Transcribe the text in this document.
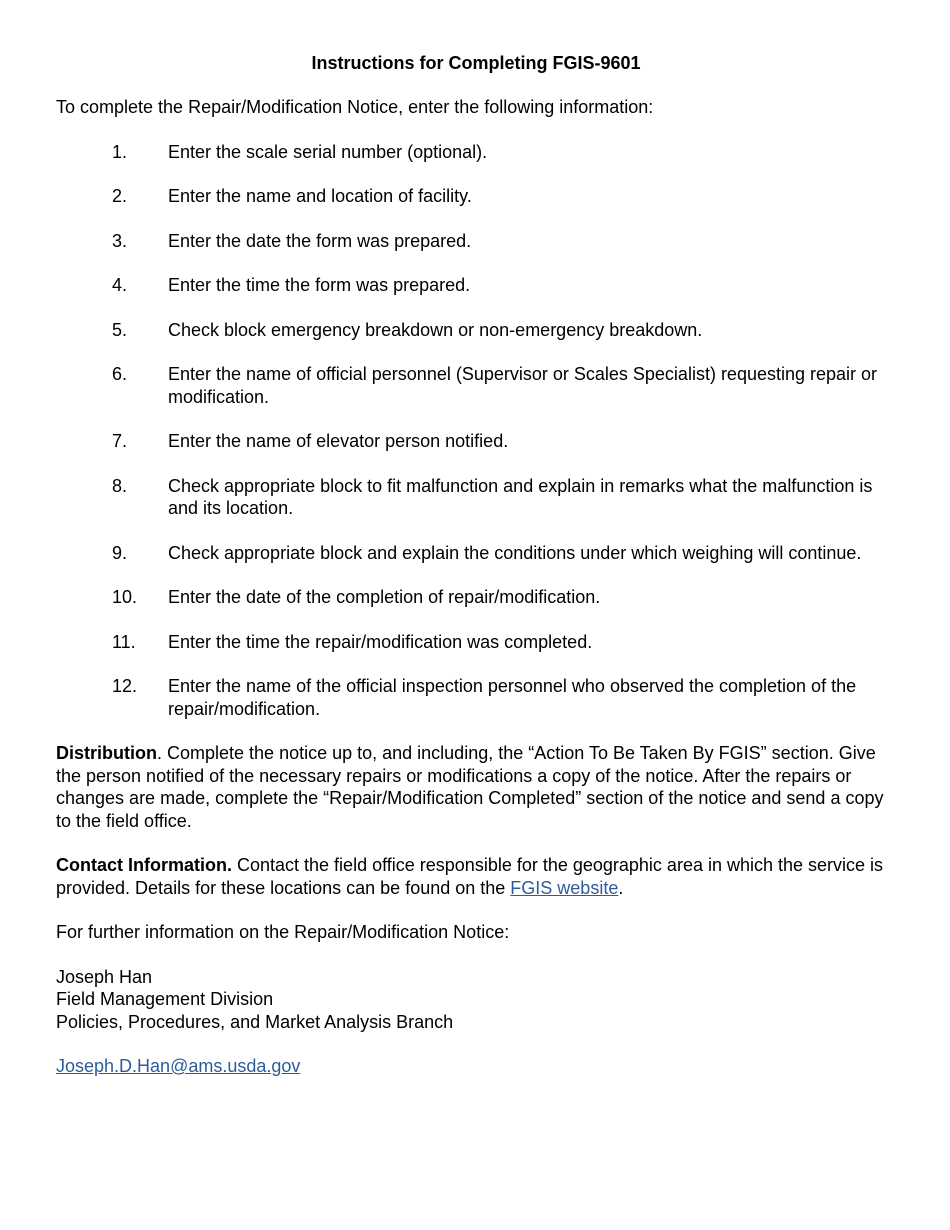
Instructions for Completing FGIS-9601
To complete the Repair/Modification Notice, enter the following information:
1.	Enter the scale serial number (optional).
2.	Enter the name and location of facility.
3.	Enter the date the form was prepared.
4.	Enter the time the form was prepared.
5.	Check block emergency breakdown or non-emergency breakdown.
6.	Enter the name of official personnel (Supervisor or Scales Specialist) requesting repair or modification.
7.	Enter the name of elevator person notified.
8.	Check appropriate block to fit malfunction and explain in remarks what the malfunction is and its location.
9.	Check appropriate block and explain the conditions under which weighing will continue.
10.	Enter the date of the completion of repair/modification.
11.	Enter the time the repair/modification was completed.
12.	Enter the name of the official inspection personnel who observed the completion of the repair/modification.
Distribution. Complete the notice up to, and including, the “Action To Be Taken By FGIS” section. Give the person notified of the necessary repairs or modifications a copy of the notice. After the repairs or changes are made, complete the “Repair/Modification Completed” section of the notice and send a copy to the field office.
Contact Information. Contact the field office responsible for the geographic area in which the service is provided. Details for these locations can be found on the FGIS website.
For further information on the Repair/Modification Notice:
Joseph Han
Field Management Division
Policies, Procedures, and Market Analysis Branch
Joseph.D.Han@ams.usda.gov
